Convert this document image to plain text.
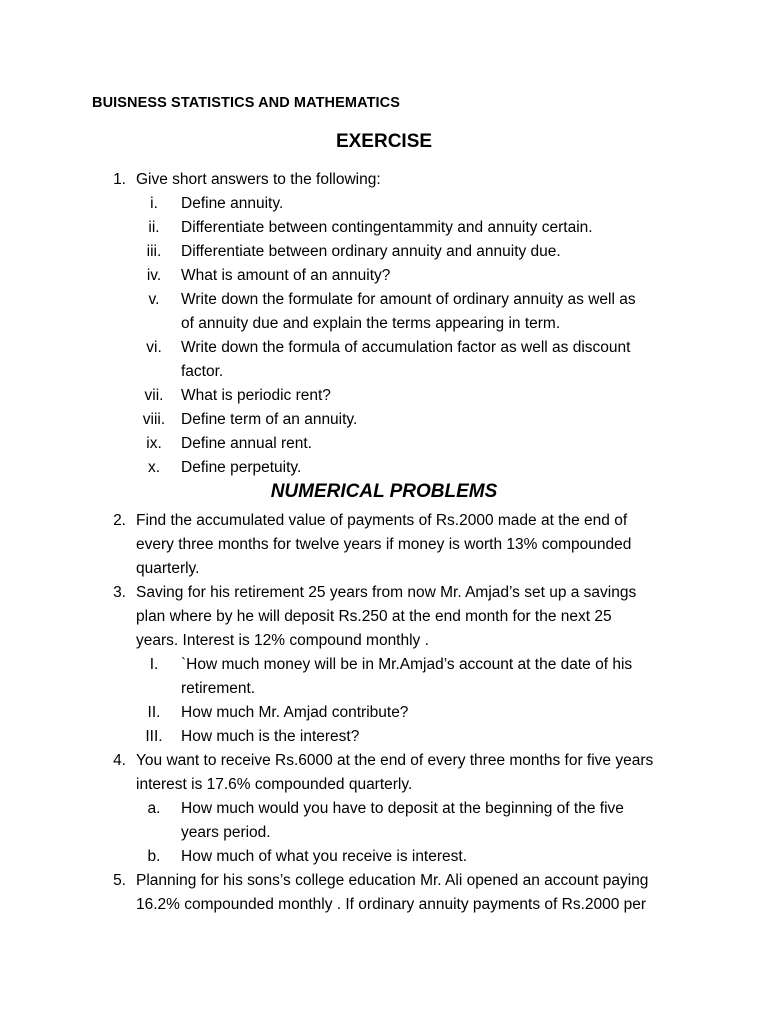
BUISNESS STATISTICS AND MATHEMATICS
EXERCISE
1. Give short answers to the following:
i.	Define annuity.
ii.	Differentiate between contingentammity and annuity certain.
iii.	Differentiate between ordinary annuity and annuity due.
iv.	What is amount of an annuity?
v.	Write down the formulate for amount of ordinary annuity as well as
of annuity due and explain the terms appearing in term.
vi.	Write down the formula of accumulation factor as well as discount
factor.
vii.	What is periodic rent?
viii.	Define term of an annuity.
ix.	Define annual rent.
x.	Define perpetuity.
NUMERICAL PROBLEMS
2. Find the accumulated value of payments of Rs.2000 made at the end of
every three months for twelve years if money is worth 13% compounded
quarterly.
3. Saving for his retirement 25 years from now Mr. Amjad’s set up a savings
plan where by he will deposit Rs.250 at the end month for the next 25
years. Interest is 12% compound monthly .
I.	`How much money will be in Mr.Amjad’s account at the date of his
retirement.
II.	How much Mr. Amjad contribute?
III.	How much is the interest?
4. You want to receive Rs.6000 at the end of every three months for five years
interest is 17.6% compounded quarterly.
a.	How much would you have to deposit at the beginning of the five
years period.
b.	How much of what you receive is interest.
5. Planning for his sons’s college education Mr. Ali opened an account paying
16.2% compounded monthly . If ordinary annuity payments of Rs.2000 per
